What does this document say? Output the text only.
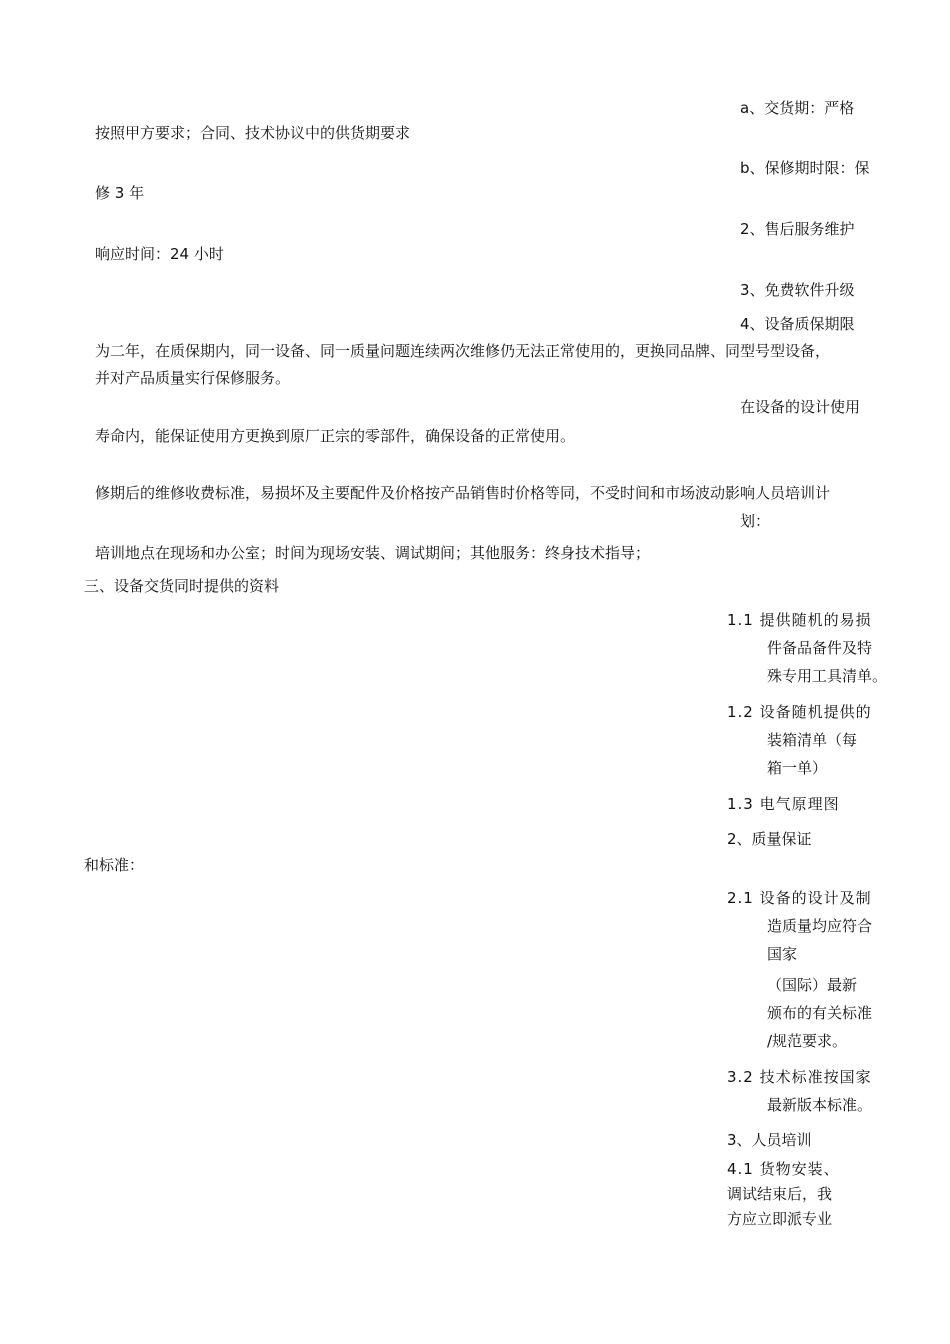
a、交货期：严格
按照甲方要求；合同、技术协议中的供货期要求
b、保修期时限：保
修 3 年
2、售后服务维护
响应时间：24 小时
3、免费软件升级
4、设备质保期限
为二年，在质保期内，同一设备、同一质量问题连续两次维修仍无法正常使用的，更换同品牌、同型号型设备，
并对产品质量实行保修服务。
在设备的设计使用
寿命内，能保证使用方更换到原厂正宗的零部件，确保设备的正常使用。
修期后的维修收费标准，易损坏及主要配件及价格按产品销售时价格等同，不受时间和市场波动影响人员培训计
划：
培训地点在现场和办公室；时间为现场安装、调试期间；其他服务：终身技术指导；
三、设备交货同时提供的资料
1.1 提供随机的易损
件备品备件及特
殊专用工具清单。
1.2 设备随机提供的
装箱清单（每
箱一单）
1.3 电气原理图
2、质量保证
和标准：
2.1 设备的设计及制
造质量均应符合
国家
（国际）最新
颁布的有关标准
/规范要求。
3.2 技术标准按国家
最新版本标准。
3、人员培训
4.1 货物安装、
调试结束后，我
方应立即派专业
